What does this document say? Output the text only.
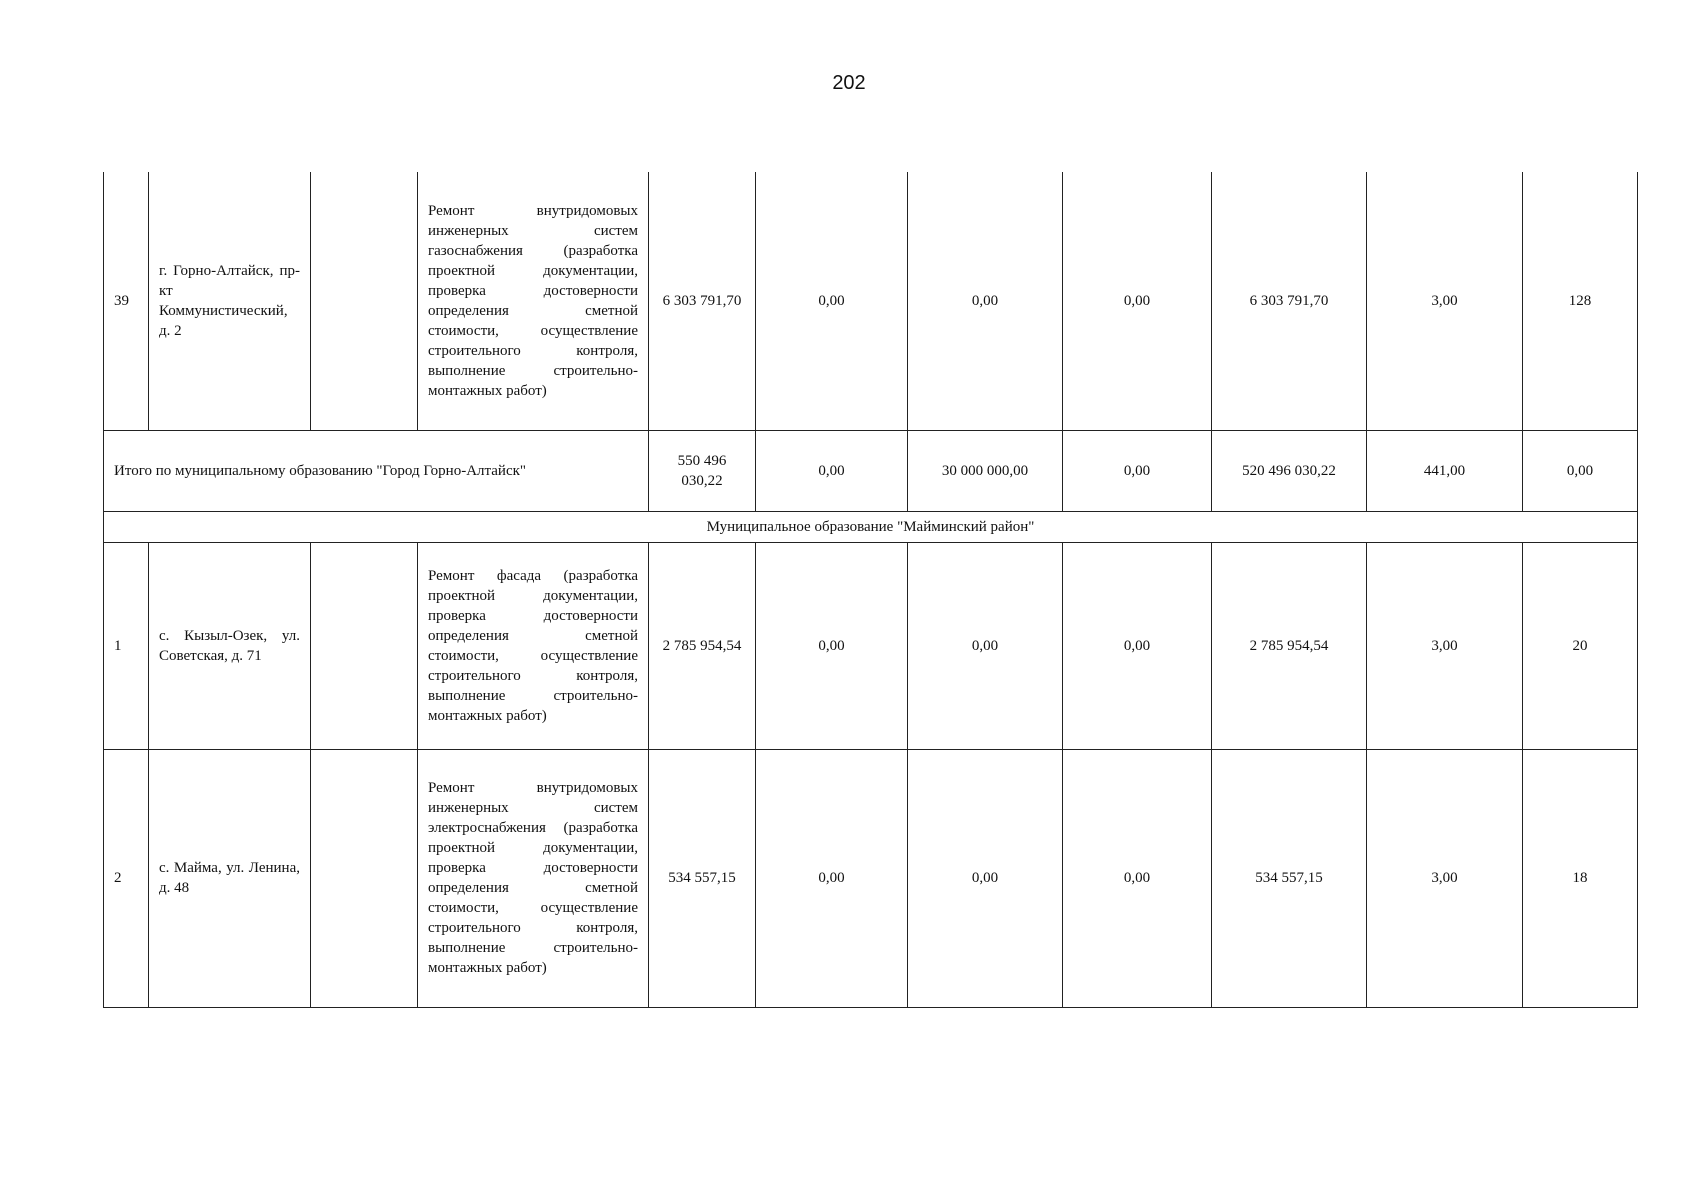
202
39	г. Горно-Алтайск, пр-кт Коммунистический, д. 2		Ремонт внутридомовых инженерных систем газоснабжения (разработка проектной документации, проверка достоверности определения сметной стоимости, осуществление строительного контроля, выполнение строительно-монтажных работ)	6 303 791,70	0,00	0,00	0,00	6 303 791,70	3,00	128
Итого по муниципальному образованию "Город Горно-Алтайск"				550 496 030,22	0,00	30 000 000,00	0,00	520 496 030,22	441,00	0,00
Муниципальное образование "Майминский район"										
1	с. Кызыл-Озек, ул. Советская, д. 71		Ремонт фасада (разработка проектной документации, проверка достоверности определения сметной стоимости, осуществление строительного контроля, выполнение строительно-монтажных работ)	2 785 954,54	0,00	0,00	0,00	2 785 954,54	3,00	20
2	с. Майма, ул. Ленина, д. 48		Ремонт внутридомовых инженерных систем электроснабжения (разработка проектной документации, проверка достоверности определения сметной стоимости, осуществление строительного контроля, выполнение строительно-монтажных работ)	534 557,15	0,00	0,00	0,00	534 557,15	3,00	18
